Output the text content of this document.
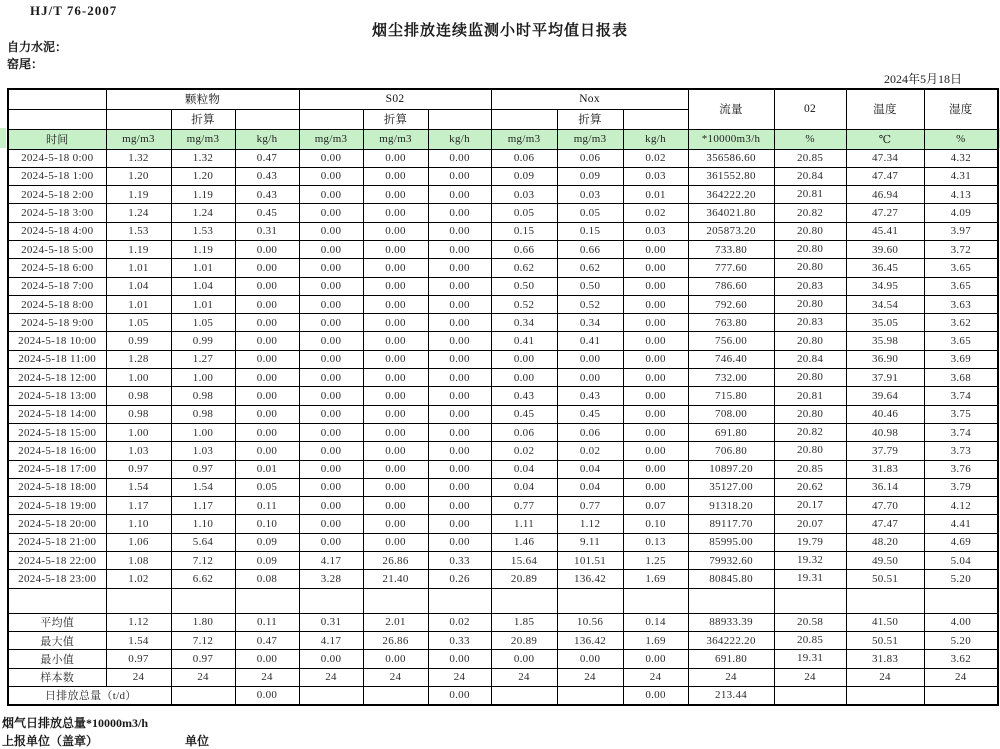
HJ/T 76-2007
烟尘排放连续监测小时平均值日报表
自力水泥：
窑尾：
2024年5月18日
	颗粒物			S02			Nox			流量	02	温度	湿度
		折算			折算			折算					
时间	mg/m3	mg/m3	kg/h	mg/m3	mg/m3	kg/h	mg/m3	mg/m3	kg/h	*10000m3/h	%	℃	%
2024-5-18 0:00	1.32	1.32	0.47	0.00	0.00	0.00	0.06	0.06	0.02	356586.60	20.85	47.34	4.32
2024-5-18 1:00	1.20	1.20	0.43	0.00	0.00	0.00	0.09	0.09	0.03	361552.80	20.84	47.47	4.31
2024-5-18 2:00	1.19	1.19	0.43	0.00	0.00	0.00	0.03	0.03	0.01	364222.20	20.81	46.94	4.13
2024-5-18 3:00	1.24	1.24	0.45	0.00	0.00	0.00	0.05	0.05	0.02	364021.80	20.82	47.27	4.09
2024-5-18 4:00	1.53	1.53	0.31	0.00	0.00	0.00	0.15	0.15	0.03	205873.20	20.80	45.41	3.97
2024-5-18 5:00	1.19	1.19	0.00	0.00	0.00	0.00	0.66	0.66	0.00	733.80	20.80	39.60	3.72
2024-5-18 6:00	1.01	1.01	0.00	0.00	0.00	0.00	0.62	0.62	0.00	777.60	20.80	36.45	3.65
2024-5-18 7:00	1.04	1.04	0.00	0.00	0.00	0.00	0.50	0.50	0.00	786.60	20.83	34.95	3.65
2024-5-18 8:00	1.01	1.01	0.00	0.00	0.00	0.00	0.52	0.52	0.00	792.60	20.80	34.54	3.63
2024-5-18 9:00	1.05	1.05	0.00	0.00	0.00	0.00	0.34	0.34	0.00	763.80	20.83	35.05	3.62
2024-5-18 10:00	0.99	0.99	0.00	0.00	0.00	0.00	0.41	0.41	0.00	756.00	20.80	35.98	3.65
2024-5-18 11:00	1.28	1.27	0.00	0.00	0.00	0.00	0.00	0.00	0.00	746.40	20.84	36.90	3.69
2024-5-18 12:00	1.00	1.00	0.00	0.00	0.00	0.00	0.00	0.00	0.00	732.00	20.80	37.91	3.68
2024-5-18 13:00	0.98	0.98	0.00	0.00	0.00	0.00	0.43	0.43	0.00	715.80	20.81	39.64	3.74
2024-5-18 14:00	0.98	0.98	0.00	0.00	0.00	0.00	0.45	0.45	0.00	708.00	20.80	40.46	3.75
2024-5-18 15:00	1.00	1.00	0.00	0.00	0.00	0.00	0.06	0.06	0.00	691.80	20.82	40.98	3.74
2024-5-18 16:00	1.03	1.03	0.00	0.00	0.00	0.00	0.02	0.02	0.00	706.80	20.80	37.79	3.73
2024-5-18 17:00	0.97	0.97	0.01	0.00	0.00	0.00	0.04	0.04	0.00	10897.20	20.85	31.83	3.76
2024-5-18 18:00	1.54	1.54	0.05	0.00	0.00	0.00	0.04	0.04	0.00	35127.00	20.62	36.14	3.79
2024-5-18 19:00	1.17	1.17	0.11	0.00	0.00	0.00	0.77	0.77	0.07	91318.20	20.17	47.70	4.12
2024-5-18 20:00	1.10	1.10	0.10	0.00	0.00	0.00	1.11	1.12	0.10	89117.70	20.07	47.47	4.41
2024-5-18 21:00	1.06	5.64	0.09	0.00	0.00	0.00	1.46	9.11	0.13	85995.00	19.79	48.20	4.69
2024-5-18 22:00	1.08	7.12	0.09	4.17	26.86	0.33	15.64	101.51	1.25	79932.60	19.32	49.50	5.04
2024-5-18 23:00	1.02	6.62	0.08	3.28	21.40	0.26	20.89	136.42	1.69	80845.80	19.31	50.51	5.20

平均值	1.12	1.80	0.11	0.31	2.01	0.02	1.85	10.56	0.14	88933.39	20.58	41.50	4.00
最大值	1.54	7.12	0.47	4.17	26.86	0.33	20.89	136.42	1.69	364222.20	20.85	50.51	5.20
最小值	0.97	0.97	0.00	0.00	0.00	0.00	0.00	0.00	0.00	691.80	19.31	31.83	3.62
样本数	24	24	24	24	24	24	24	24	24	24	24	24	24
日排放总量（t/d）			0.00			0.00			0.00	213.44			
烟气日排放总量*10000m3/h
上报单位（盖章）	单位
